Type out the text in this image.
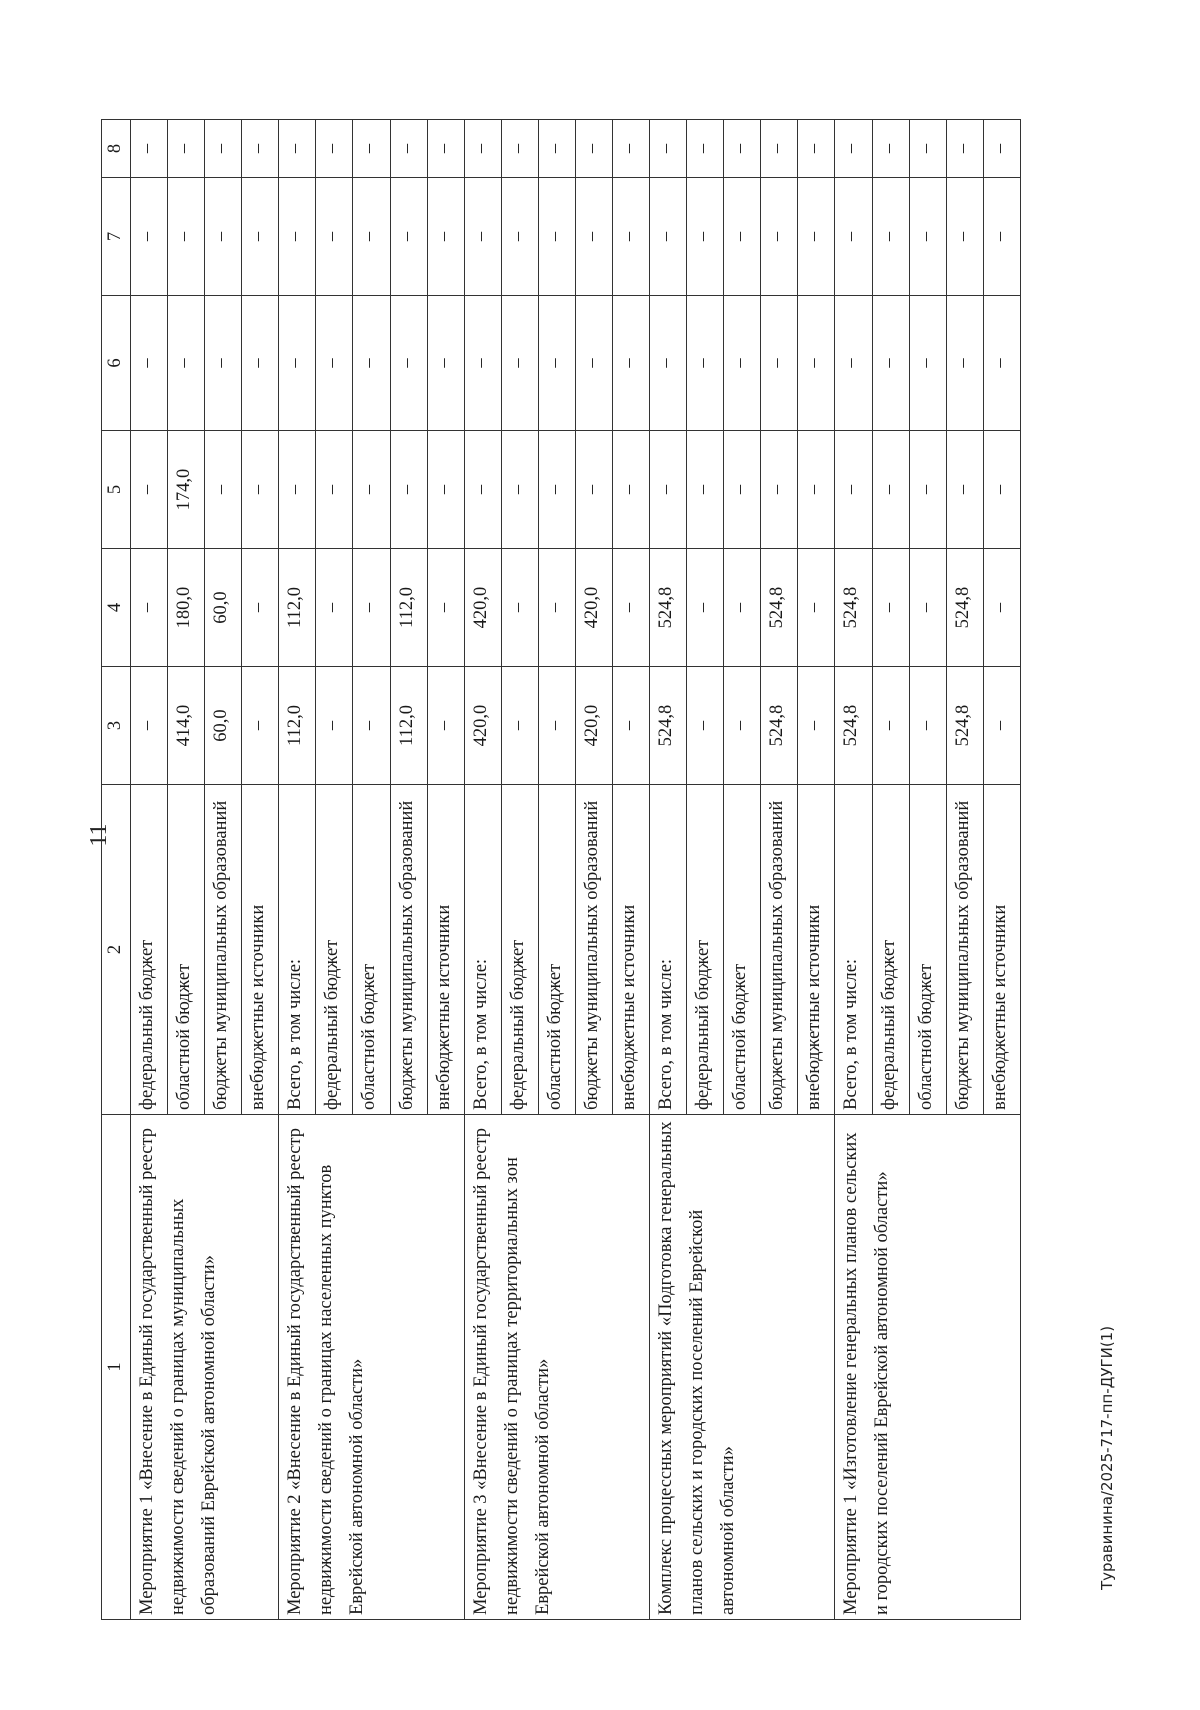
11
1	2	3	4	5	6	7	8
Мероприятие 1 «Внесение в Единый государственный реестр недвижимости сведений о границах муниципальных образований Еврейской автономной области»	федеральный бюджет	–	–	–	–	–	–
	областной бюджет	414,0	180,0	174,0	–	–	–
	бюджеты муниципальных образований	60,0	60,0	–	–	–	–
	внебюджетные источники	–	–	–	–	–	–
Мероприятие 2 «Внесение в Единый государственный реестр недвижимости сведений о границах населенных пунктов Еврейской автономной области»	Всего, в том числе:	112,0	112,0	–	–	–	–
	федеральный бюджет	–	–	–	–	–	–
	областной бюджет	–	–	–	–	–	–
	бюджеты муниципальных образований	112,0	112,0	–	–	–	–
	внебюджетные источники	–	–	–	–	–	–
Мероприятие 3 «Внесение в Единый государственный реестр недвижимости сведений о границах территориальных зон Еврейской автономной области»	Всего, в том числе:	420,0	420,0	–	–	–	–
	федеральный бюджет	–	–	–	–	–	–
	областной бюджет	–	–	–	–	–	–
	бюджеты муниципальных образований	420,0	420,0	–	–	–	–
	внебюджетные источники	–	–	–	–	–	–
Комплекс процессных мероприятий «Подготовка генеральных планов сельских и городских поселений Еврейской автономной области»	Всего, в том числе:	524,8	524,8	–	–	–	–
	федеральный бюджет	–	–	–	–	–	–
	областной бюджет	–	–	–	–	–	–
	бюджеты муниципальных образований	524,8	524,8	–	–	–	–
	внебюджетные источники	–	–	–	–	–	–
Мероприятие 1 «Изготовление генеральных планов сельских и городских поселений Еврейской автономной области»	Всего, в том числе:	524,8	524,8	–	–	–	–
	федеральный бюджет	–	–	–	–	–	–
	областной бюджет	–	–	–	–	–	–
	бюджеты муниципальных образований	524,8	524,8	–	–	–	–
	внебюджетные источники	–	–	–	–	–	–
Туравинина/2025-717-пп-ДУГИ(1)
